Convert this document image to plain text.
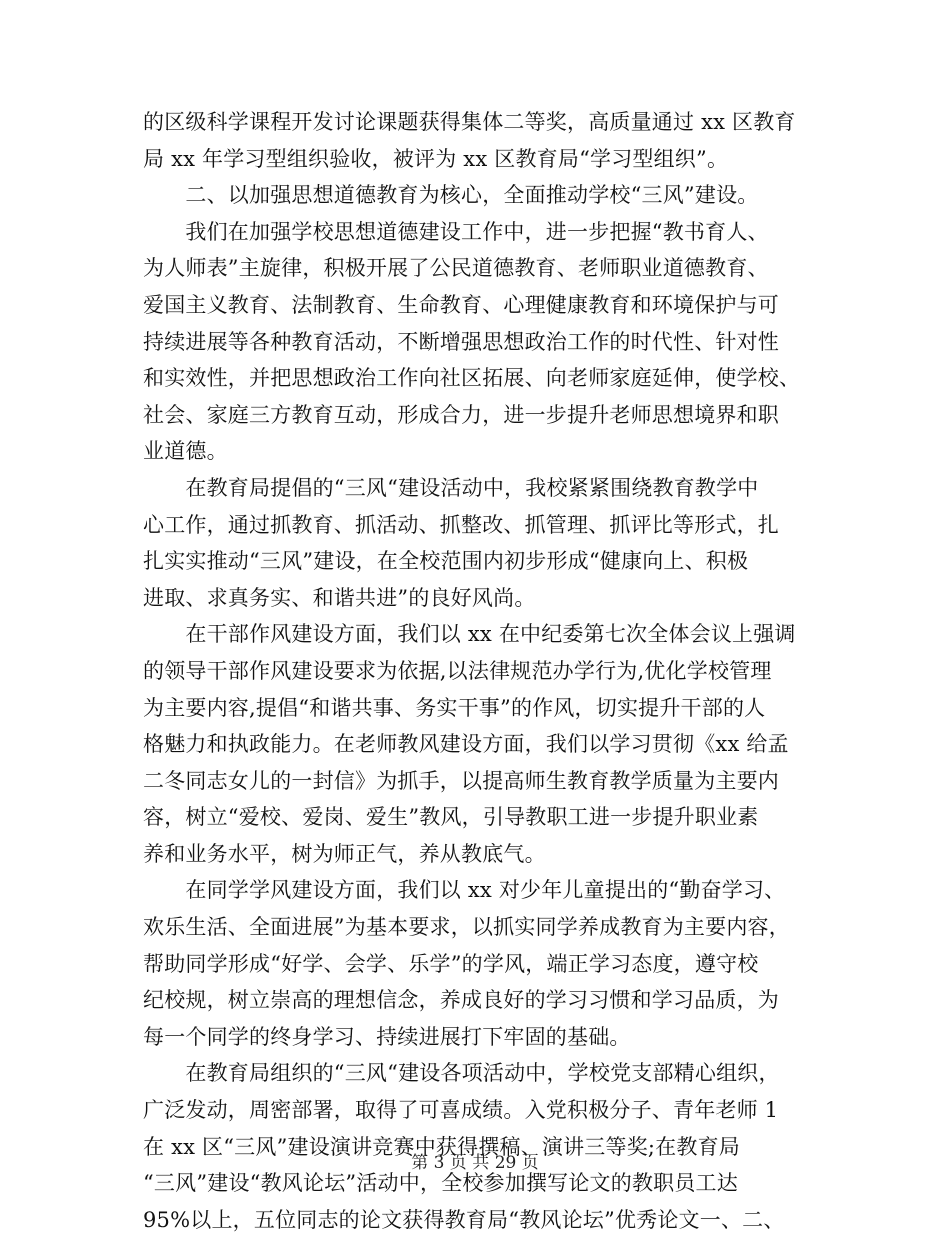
的区级科学课程开发讨论课题获得集体二等奖，高质量通过 xx 区教育
局 xx 年学习型组织验收，被评为 xx 区教育局“学习型组织”。
　　二、以加强思想道德教育为核心，全面推动学校“三风”建设。
　　我们在加强学校思想道德建设工作中，进一步把握“教书育人、
为人师表”主旋律，积极开展了公民道德教育、老师职业道德教育、
爱国主义教育、法制教育、生命教育、心理健康教育和环境保护与可
持续进展等各种教育活动，不断增强思想政治工作的时代性、针对性
和实效性，并把思想政治工作向社区拓展、向老师家庭延伸，使学校、
社会、家庭三方教育互动，形成合力，进一步提升老师思想境界和职
业道德。
　　在教育局提倡的“三风“建设活动中，我校紧紧围绕教育教学中
心工作，通过抓教育、抓活动、抓整改、抓管理、抓评比等形式，扎
扎实实推动“三风”建设，在全校范围内初步形成“健康向上、积极
进取、求真务实、和谐共进”的良好风尚。
　　在干部作风建设方面，我们以 xx 在中纪委第七次全体会议上强调
的领导干部作风建设要求为依据,以法律规范办学行为,优化学校管理
为主要内容,提倡“和谐共事、务实干事”的作风，切实提升干部的人
格魅力和执政能力。在老师教风建设方面，我们以学习贯彻《xx 给孟
二冬同志女儿的一封信》为抓手，以提高师生教育教学质量为主要内
容，树立“爱校、爱岗、爱生”教风，引导教职工进一步提升职业素
养和业务水平，树为师正气，养从教底气。
　　在同学学风建设方面，我们以 xx 对少年儿童提出的“勤奋学习、
欢乐生活、全面进展”为基本要求，以抓实同学养成教育为主要内容，
帮助同学形成“好学、会学、乐学”的学风，端正学习态度，遵守校
纪校规，树立崇高的理想信念，养成良好的学习习惯和学习品质，为
每一个同学的终身学习、持续进展打下牢固的基础。
　　在教育局组织的“三风“建设各项活动中，学校党支部精心组织，
广泛发动，周密部署，取得了可喜成绩。入党积极分子、青年老师 1
在 xx 区“三风”建设演讲竞赛中获得撰稿、演讲三等奖;在教育局
“三风”建设“教风论坛”活动中，全校参加撰写论文的教职员工达
95%以上，五位同志的论文获得教育局“教风论坛”优秀论文一、二、
第 3 页 共 29 页
